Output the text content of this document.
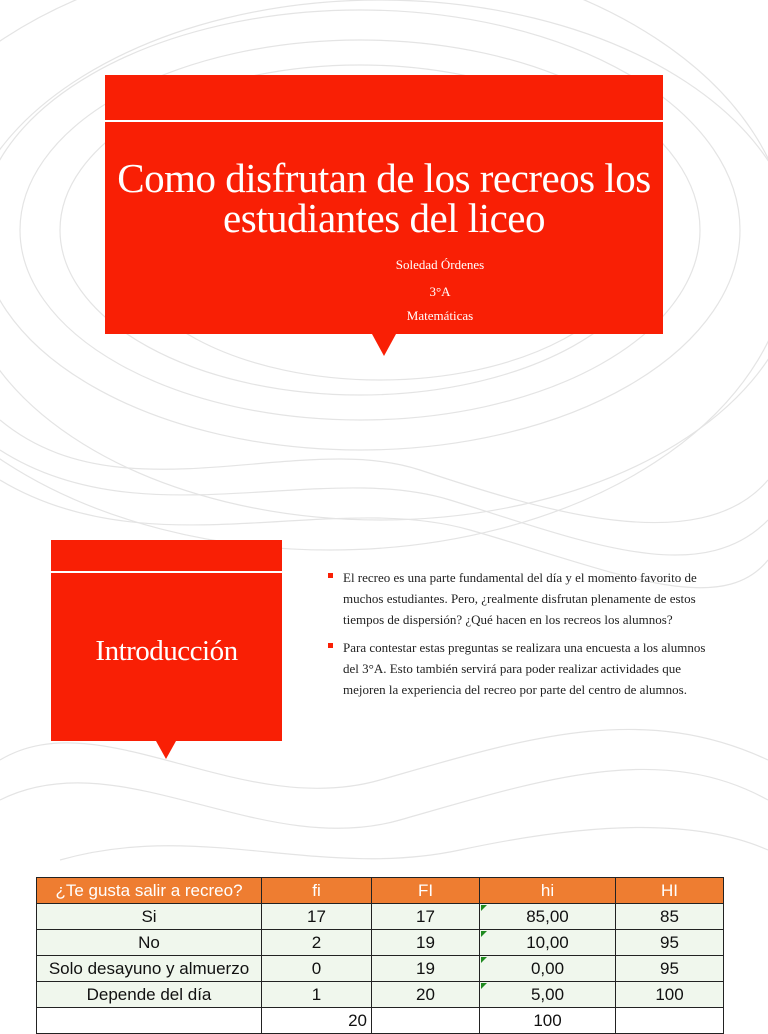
Como disfrutan de los recreos los estudiantes del liceo
Soledad Órdenes
3°A
Matemáticas
Introducción
El recreo es una parte fundamental del día y el momento favorito de muchos estudiantes. Pero, ¿realmente disfrutan plenamente de estos tiempos de dispersión? ¿Qué hacen en los recreos los alumnos?
Para contestar estas preguntas se realizara una encuesta a los alumnos del 3°A. Esto también servirá para poder realizar actividades que mejoren la experiencia del recreo por parte del centro de alumnos.
¿Te gusta salir a recreo?	fi	FI	hi	HI
Si	17	17	85,00	85
No	2	19	10,00	95
Solo desayuno y almuerzo	0	19	0,00	95
Depende del día	1	20	5,00	100
	20		100	
